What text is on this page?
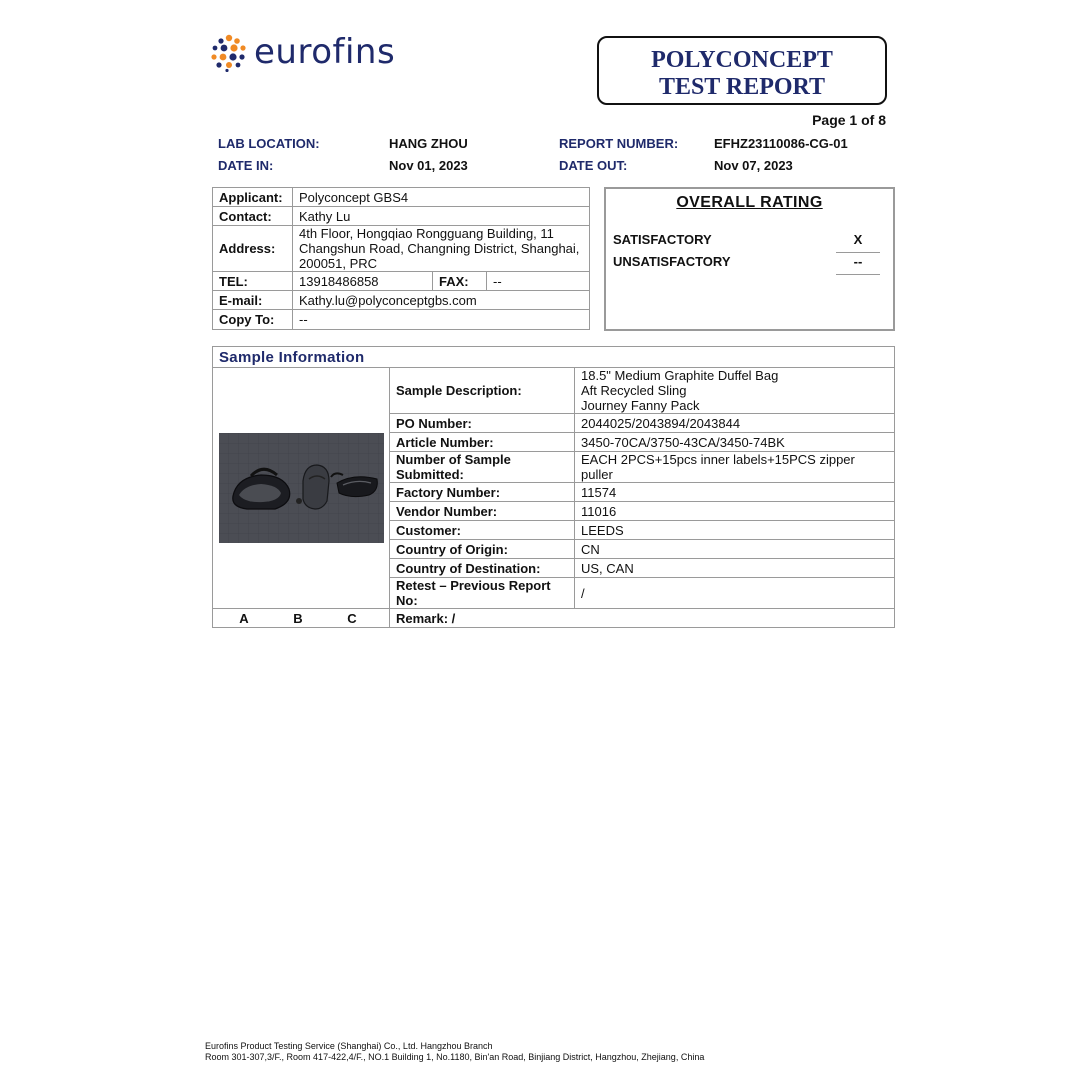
eurofins	POLYCONCEPT
TEST REPORT
Page 1 of 8
LAB LOCATION:	HANG ZHOU	REPORT NUMBER:	EFHZ23110086-CG-01
DATE IN:	Nov 01, 2023	DATE OUT:	Nov 07, 2023
Applicant:	Polyconcept GBS4		
Contact:	Kathy Lu		
Address:	4th Floor, Hongqiao Rongguang Building, 11
Changshun Road, Changning District, Shanghai,
200051, PRC		

TEL:	13918486858	FAX:	--
E-mail:	Kathy.lu@polyconceptgbs.com		
Copy To:	--		
OVERALL RATING
SATISFACTORY	X
UNSATISFACTORY	--
Sample Information		

	Sample Description:	18.5" Medium Graphite Duffel Bag
Aft Recycled Sling
Journey Fanny Pack

	PO Number:	2044025/2043894/2043844
	Article Number:	3450-70CA/3750-43CA/3450-74BK

	Number of Sample
Submitted:	EACH 2PCS+15pcs inner labels+15PCS zipper puller
	Factory Number:	11574
	Vendor Number:	11016
	Customer:	LEEDS
	Country of Origin:	CN
	Country of Destination:	US, CAN
	Retest – Previous Report No:	/

A B C	Remark: /	
Eurofins Product Testing Service (Shanghai) Co., Ltd. Hangzhou Branch
Room 301-307,3/F., Room 417-422,4/F., NO.1 Building 1, No.1180, Bin'an Road, Binjiang District, Hangzhou, Zhejiang, China
